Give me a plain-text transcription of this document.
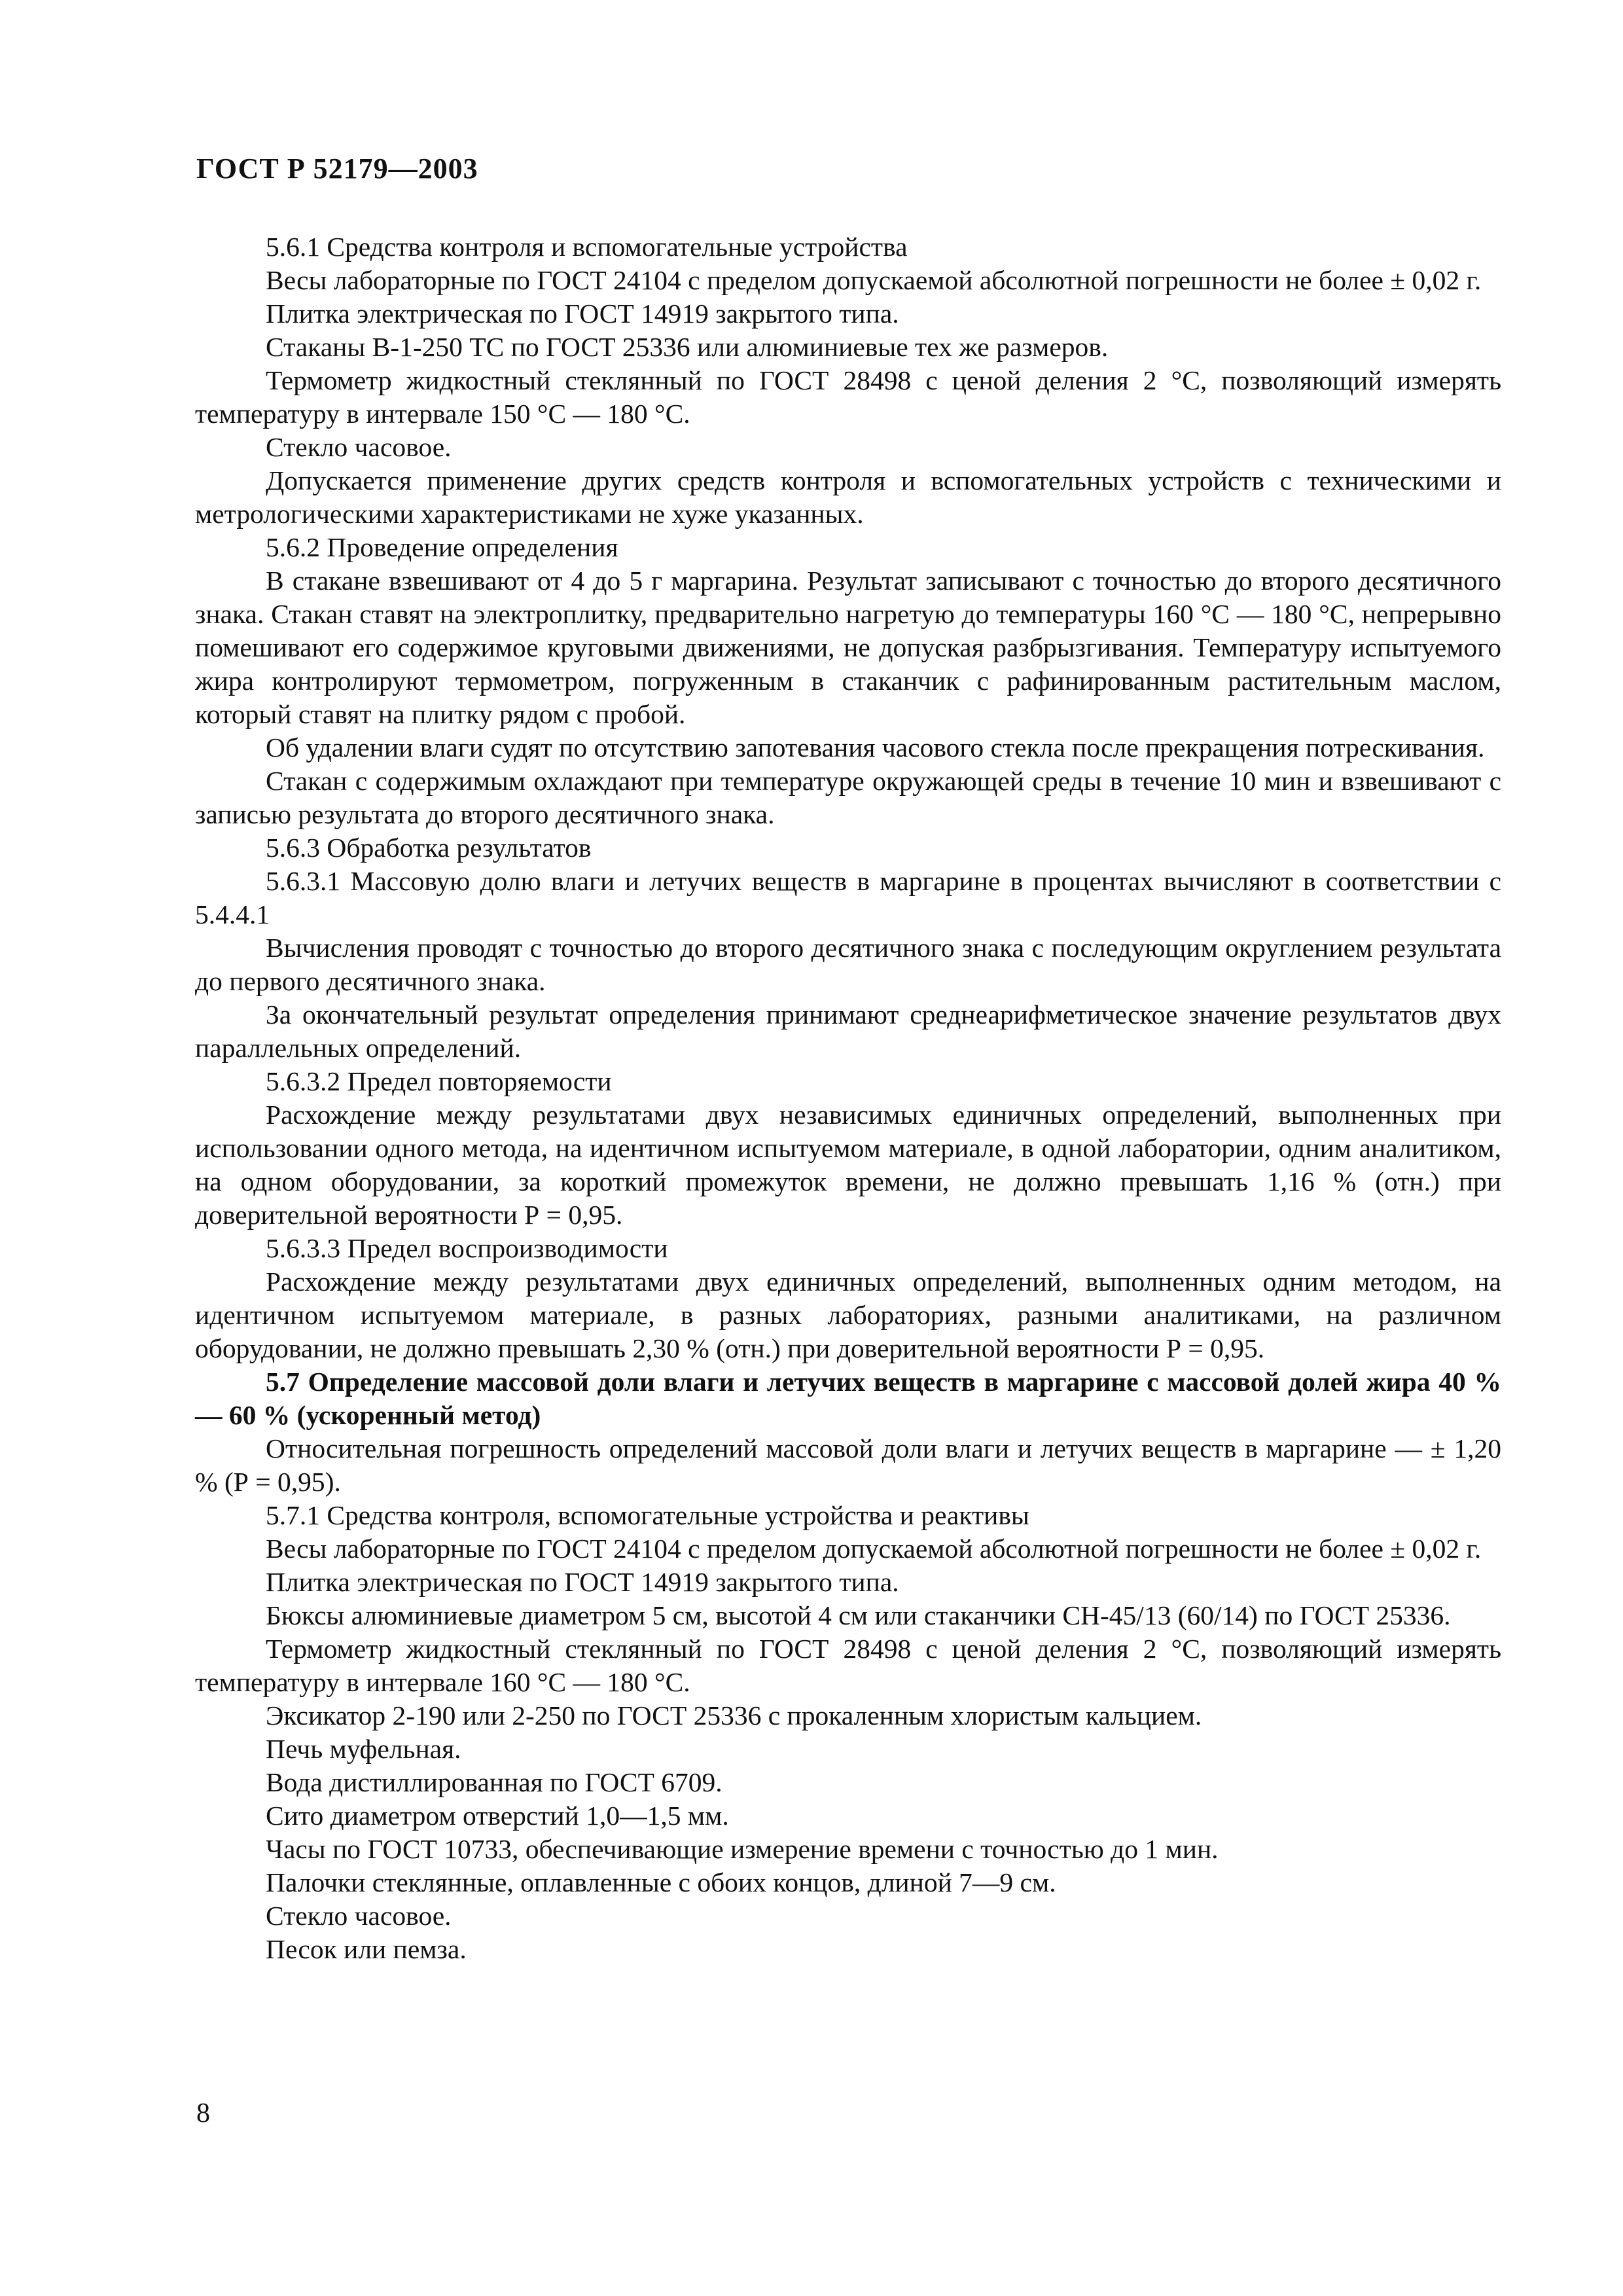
ГОСТ Р 52179—2003

5.6.1 Средства контроля и вспомогательные устройства

Весы лабораторные по ГОСТ 24104 с пределом допускаемой абсолютной погрешности не более ± 0,02 г.

Плитка электрическая по ГОСТ 14919 закрытого типа.

Стаканы В-1-250 ТС по ГОСТ 25336 или алюминиевые тех же размеров.

Термометр жидкостный стеклянный по ГОСТ 28498 с ценой деления 2 °С, позволяющий измерять температуру в интервале 150 °С — 180 °С.

Стекло часовое.

Допускается применение других средств контроля и вспомогательных устройств с техническими и метрологическими характеристиками не хуже указанных.

5.6.2 Проведение определения

В стакане взвешивают от 4 до 5 г маргарина. Результат записывают с точностью до второго десятичного знака. Стакан ставят на электроплитку, предварительно нагретую до температуры 160 °С — 180 °С, непрерывно помешивают его содержимое круговыми движениями, не допуская разбрызгивания. Температуру испытуемого жира контролируют термометром, погруженным в стаканчик с рафинированным растительным маслом, который ставят на плитку рядом с пробой.

Об удалении влаги судят по отсутствию запотевания часового стекла после прекращения потрескивания.

Стакан с содержимым охлаждают при температуре окружающей среды в течение 10 мин и взвешивают с записью результата до второго десятичного знака.

5.6.3 Обработка результатов

5.6.3.1 Массовую долю влаги и летучих веществ в маргарине в процентах вычисляют в соответствии с 5.4.4.1

Вычисления проводят с точностью до второго десятичного знака с последующим округлением результата до первого десятичного знака.

За окончательный результат определения принимают среднеарифметическое значение результатов двух параллельных определений.

5.6.3.2 Предел повторяемости

Расхождение между результатами двух независимых единичных определений, выполненных при использовании одного метода, на идентичном испытуемом материале, в одной лаборатории, одним аналитиком, на одном оборудовании, за короткий промежуток времени, не должно превышать 1,16 % (отн.) при доверительной вероятности Р = 0,95.

5.6.3.3 Предел воспроизводимости

Расхождение между результатами двух единичных определений, выполненных одним методом, на идентичном испытуемом материале, в разных лабораториях, разными аналитиками, на различном оборудовании, не должно превышать 2,30 % (отн.) при доверительной вероятности Р = 0,95.

5.7 Определение массовой доли влаги и летучих веществ в маргарине с массовой долей жира 40 % — 60 % (ускоренный метод)

Относительная погрешность определений массовой доли влаги и летучих веществ в маргарине — ± 1,20 % (Р = 0,95).

5.7.1 Средства контроля, вспомогательные устройства и реактивы

Весы лабораторные по ГОСТ 24104 с пределом допускаемой абсолютной погрешности не более ± 0,02 г.

Плитка электрическая по ГОСТ 14919 закрытого типа.

Бюксы алюминиевые диаметром 5 см, высотой 4 см или стаканчики СН-45/13 (60/14) по ГОСТ 25336.

Термометр жидкостный стеклянный по ГОСТ 28498 с ценой деления 2 °С, позволяющий измерять температуру в интервале 160 °С — 180 °С.

Эксикатор 2-190 или 2-250 по ГОСТ 25336 с прокаленным хлористым кальцием.

Печь муфельная.

Вода дистиллированная по ГОСТ 6709.

Сито диаметром отверстий 1,0—1,5 мм.

Часы по ГОСТ 10733, обеспечивающие измерение времени с точностью до 1 мин.

Палочки стеклянные, оплавленные с обоих концов, длиной 7—9 см.

Стекло часовое.

Песок или пемза.

8
